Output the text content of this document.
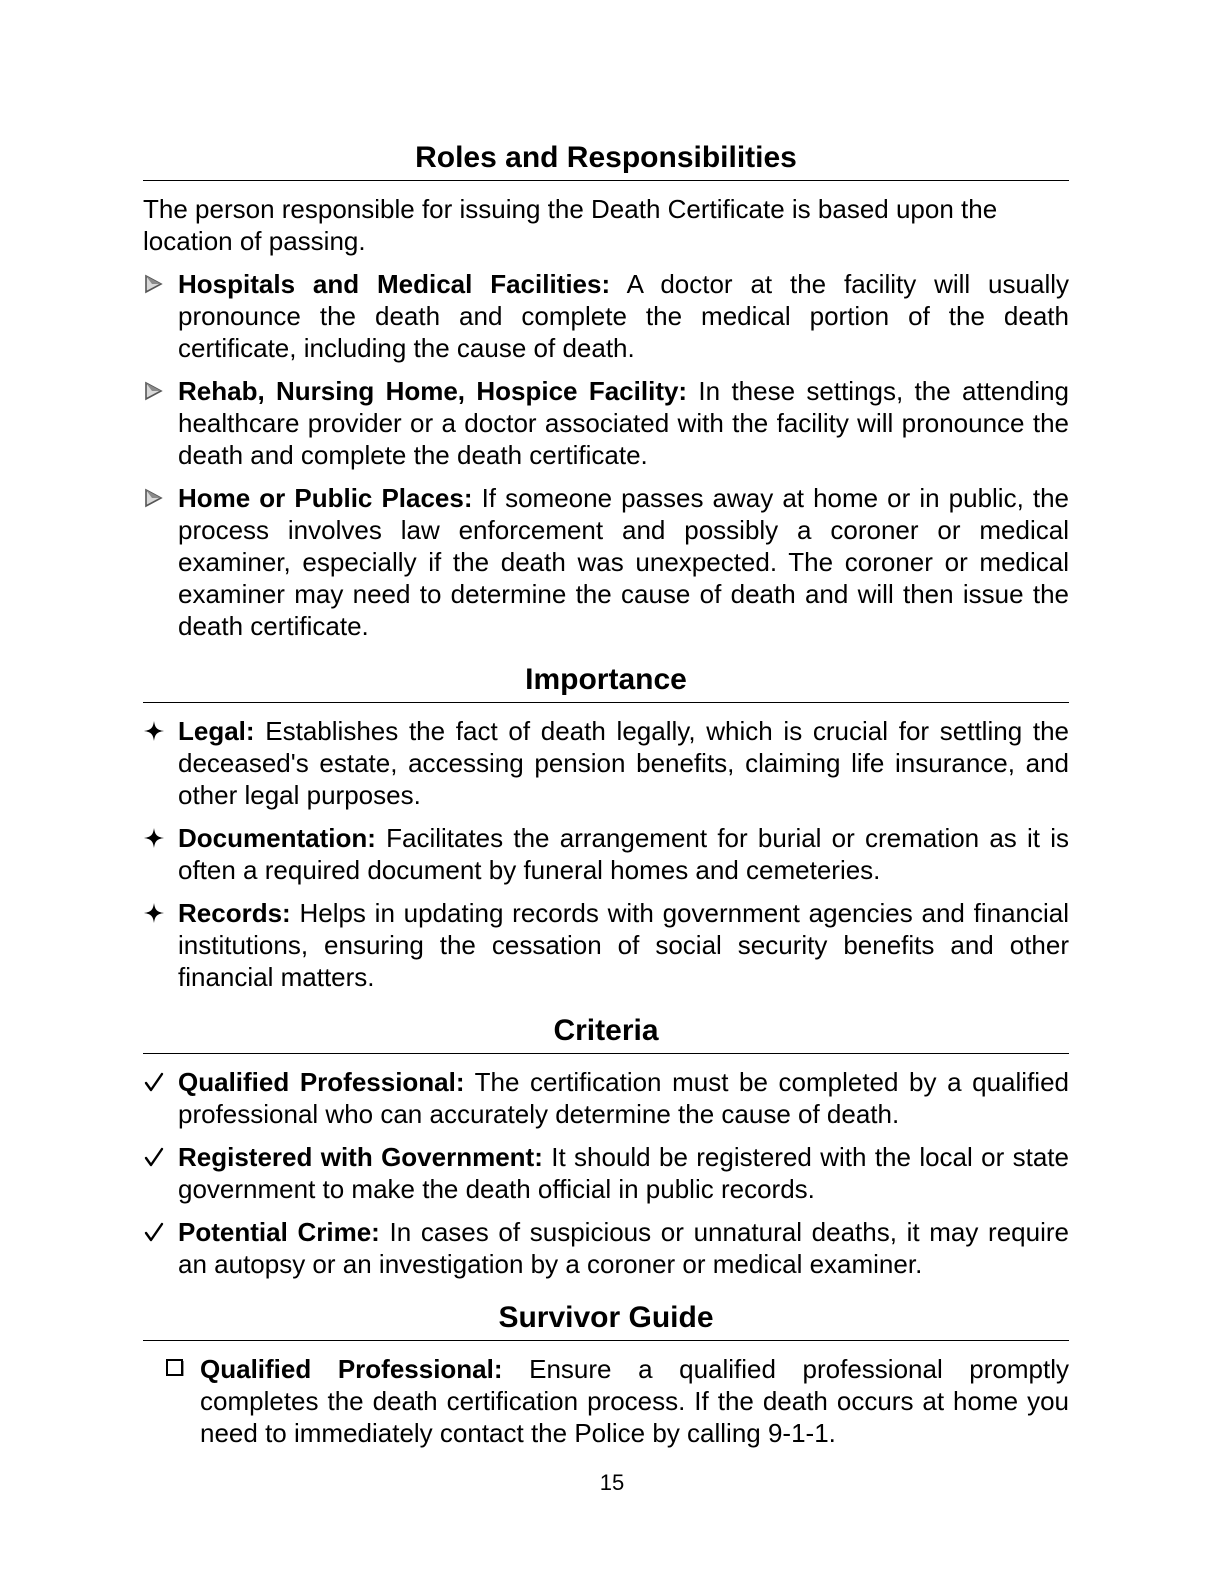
Roles and Responsibilities

The person responsible for issuing the Death Certificate is based upon the location of passing.

Hospitals and Medical Facilities: A doctor at the facility will usually pronounce the death and complete the medical portion of the death certificate, including the cause of death.
Rehab, Nursing Home, Hospice Facility: In these settings, the attending healthcare provider or a doctor associated with the facility will pronounce the death and complete the death certificate.
Home or Public Places: If someone passes away at home or in public, the process involves law enforcement and possibly a coroner or medical examiner, especially if the death was unexpected. The coroner or medical examiner may need to determine the cause of death and will then issue the death certificate.
Importance
Legal: Establishes the fact of death legally, which is crucial for settling the deceased's estate, accessing pension benefits, claiming life insurance, and other legal purposes.
Documentation: Facilitates the arrangement for burial or cremation as it is often a required document by funeral homes and cemeteries.
Records: Helps in updating records with government agencies and financial institutions, ensuring the cessation of social security benefits and other financial matters.
Criteria
Qualified Professional: The certification must be completed by a qualified professional who can accurately determine the cause of death.
Registered with Government: It should be registered with the local or state government to make the death official in public records.
Potential Crime: In cases of suspicious or unnatural deaths, it may require an autopsy or an investigation by a coroner or medical examiner.
Survivor Guide
Qualified Professional: Ensure a qualified professional promptly completes the death certification process. If the death occurs at home you need to immediately contact the Police by calling 9-1-1.
15
